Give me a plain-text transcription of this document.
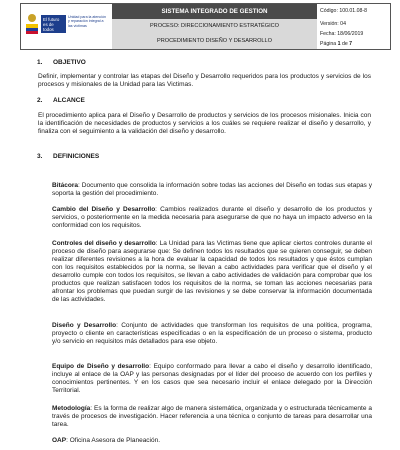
El futuro es de todos
Unidad para la atención y reparación integral a las víctimas
SISTEMA INTEGRADO DE GESTION
PROCESO: DIRECCIONAMIENTO ESTRATÉGICO
PROCEDIMIENTO DISEÑO Y DESARROLLO
Código: 100.01.08-8
Versión: 04
Fecha: 18/06/2019
Página 1 de 7
1. OBJETIVO
Definir, implementar y controlar las etapas del Diseño y Desarrollo requeridos para los productos y servicios de los procesos y misionales de la Unidad para las Victimas.
2. ALCANCE
El procedimiento aplica para el Diseño y Desarrollo de productos y servicios de los procesos misionales. Inicia con la identificación de necesidades de productos y servicios a los cuáles se requiere realizar el diseño y desarrollo, y finaliza con el seguimiento a la validación del diseño y desarrollo.
3. DEFINICIONES
Bitácora: Documento que consolida la información sobre todas las acciones del Diseño en todas sus etapas y soporta la gestión del procedimiento.
Cambio del Diseño y Desarrollo: Cambios realizados durante el diseño y desarrollo de los productos y servicios, o posteriormente en la medida necesaria para asegurarse de que no haya un impacto adverso en la conformidad con los requisitos.
Controles del diseño y desarrollo: La Unidad para las Victimas tiene que aplicar ciertos controles durante el proceso de diseño para asegurarse que: Se definen todos los resultados que se quieren conseguir, se deben realizar diferentes revisiones a la hora de evaluar la capacidad de todos los resultados y que éstos cumplan con los requisitos establecidos por la norma, se llevan a cabo actividades para verificar que el diseño y el desarrollo cumple con todos los requisitos, se llevan a cabo actividades de validación para comprobar que los productos que realizan satisfacen todos los requisitos de la norma, se toman las acciones necesarias para afrontar los problemas que puedan surgir de las revisiones y se debe conservar la información documentada de las actividades.
Diseño y Desarrollo: Conjunto de actividades que transforman los requisitos de una política, programa, proyecto o cliente en características especificadas o en la especificación de un proceso o sistema, producto y/o servicio en requisitos más detallados para ese objeto.
Equipo de Diseño y desarrollo: Equipo conformado para llevar a cabo el diseño y desarrollo identificado, incluye al enlace de la OAP y las personas designadas por el líder del proceso de acuerdo con los perfiles y conocimientos pertinentes. Y en los casos que sea necesario incluir el enlace delegado por la Dirección Territorial.
Metodología: Es la forma de realizar algo de manera sistemática, organizada y o estructurada técnicamente a través de procesos de investigación. Hacer referencia a una técnica o conjunto de tareas para desarrollar una tarea.
OAP: Oficina Asesora de Planeación.
